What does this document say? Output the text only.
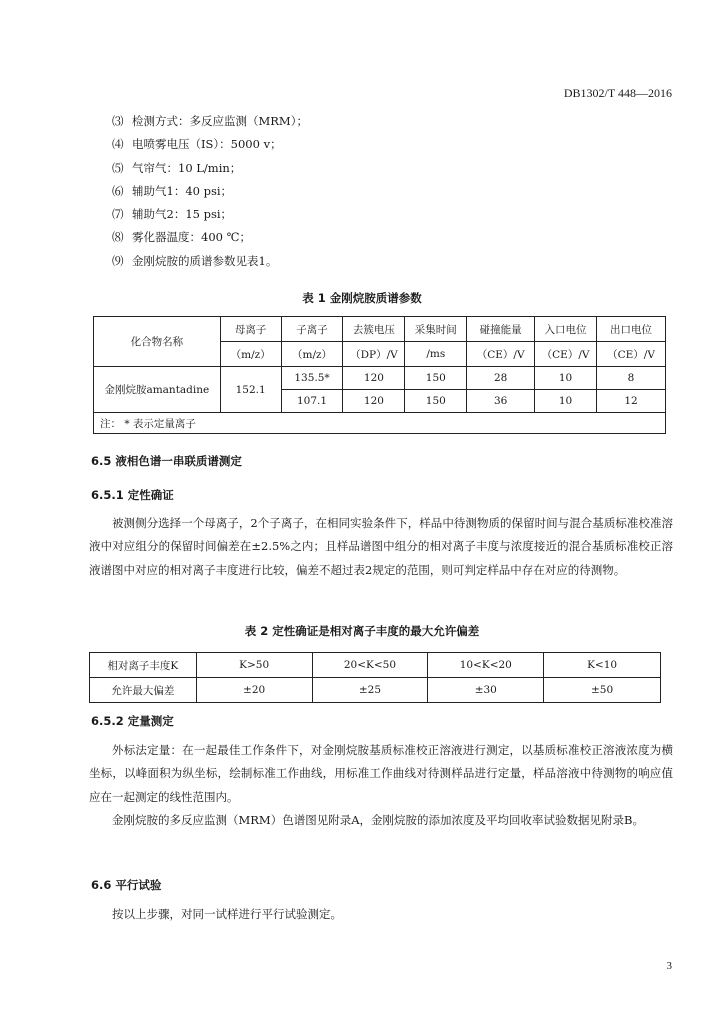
DB1302/T 448—2016
⑶ 检测方式：多反应监测（MRM）；
⑷ 电喷雾电压（IS）：5000 v；
⑸ 气帘气：10 L/min；
⑹ 辅助气1：40 psi；
⑺ 辅助气2：15 psi；
⑻ 雾化器温度：400 ℃；
⑼ 金刚烷胺的质谱参数见表1。
表 1 金刚烷胺质谱参数
化合物名称	母离子	子离子	去簇电压	采集时间	碰撞能量	入口电位	出口电位
	（m/z）	（m/z）	（DP）/V	/ms	（CE）/V	（CE）/V	（CE）/V
金刚烷胺amantadine	152.1	135.5*	120	150	28	10	8
		107.1	120	150	36	10	12
注： * 表示定量离子							
6.5 液相色谱一串联质谱测定
6.5.1 定性确证

被测侧分选择一个母离子，2个子离子，在相同实验条件下，样品中待测物质的保留时间与混合基质标准校准溶液中对应组分的保留时间偏差在±2.5%之内；且样品谱图中组分的相对离子丰度与浓度接近的混合基质标准校正溶液谱图中对应的相对离子丰度进行比较，偏差不超过表2规定的范围，则可判定样品中存在对应的待测物。

表 2 定性确证是相对离子丰度的最大允许偏差
相对离子丰度K	K>50	20<K<50	10<K<20	K<10
允许最大偏差	±20	±25	±30	±50
6.5.2 定量测定

外标法定量：在一起最佳工作条件下，对金刚烷胺基质标准校正溶液进行测定，以基质标准校正溶液浓度为横坐标，以峰面积为纵坐标，绘制标准工作曲线，用标准工作曲线对待测样品进行定量，样品溶液中待测物的响应值应在一起测定的线性范围内。

金刚烷胺的多反应监测（MRM）色谱图见附录A，金刚烷胺的添加浓度及平均回收率试验数据见附录B。

6.6 平行试验

按以上步骤，对同一试样进行平行试验测定。

3
